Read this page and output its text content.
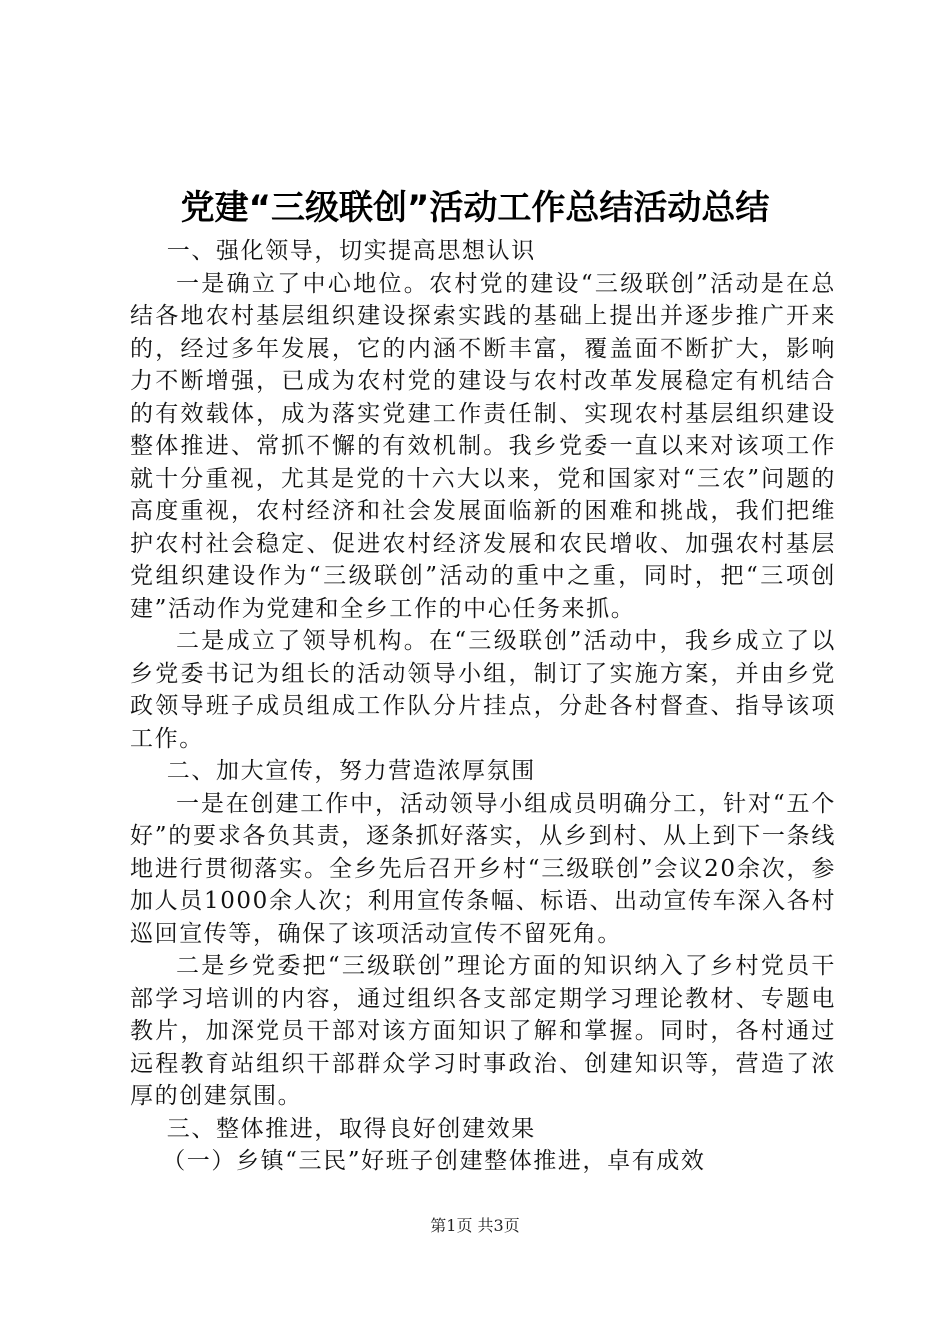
党建“三级联创”活动工作总结活动总结

一、强化领导，切实提高思想认识

一是确立了中心地位。农村党的建设“三级联创”活动是在总结各地农村基层组织建设探索实践的基础上提出并逐步推广开来的，经过多年发展，它的内涵不断丰富，覆盖面不断扩大，影响力不断增强，已成为农村党的建设与农村改革发展稳定有机结合的有效载体，成为落实党建工作责任制、实现农村基层组织建设整体推进、常抓不懈的有效机制。我乡党委一直以来对该项工作就十分重视，尤其是党的十六大以来，党和国家对“三农”问题的高度重视，农村经济和社会发展面临新的困难和挑战，我们把维护农村社会稳定、促进农村经济发展和农民增收、加强农村基层党组织建设作为“三级联创”活动的重中之重，同时，把“三项创建”活动作为党建和全乡工作的中心任务来抓。

二是成立了领导机构。在“三级联创”活动中，我乡成立了以乡党委书记为组长的活动领导小组，制订了实施方案，并由乡党政领导班子成员组成工作队分片挂点，分赴各村督查、指导该项工作。

二、加大宣传，努力营造浓厚氛围

一是在创建工作中，活动领导小组成员明确分工，针对“五个好”的要求各负其责，逐条抓好落实，从乡到村、从上到下一条线地进行贯彻落实。全乡先后召开乡村“三级联创”会议20余次，参加人员1000余人次；利用宣传条幅、标语、出动宣传车深入各村巡回宣传等，确保了该项活动宣传不留死角。

二是乡党委把“三级联创”理论方面的知识纳入了乡村党员干部学习培训的内容，通过组织各支部定期学习理论教材、专题电教片，加深党员干部对该方面知识了解和掌握。同时，各村通过远程教育站组织干部群众学习时事政治、创建知识等，营造了浓厚的创建氛围。

三、整体推进，取得良好创建效果

（一）乡镇“三民”好班子创建整体推进，卓有成效

第1页 共3页
